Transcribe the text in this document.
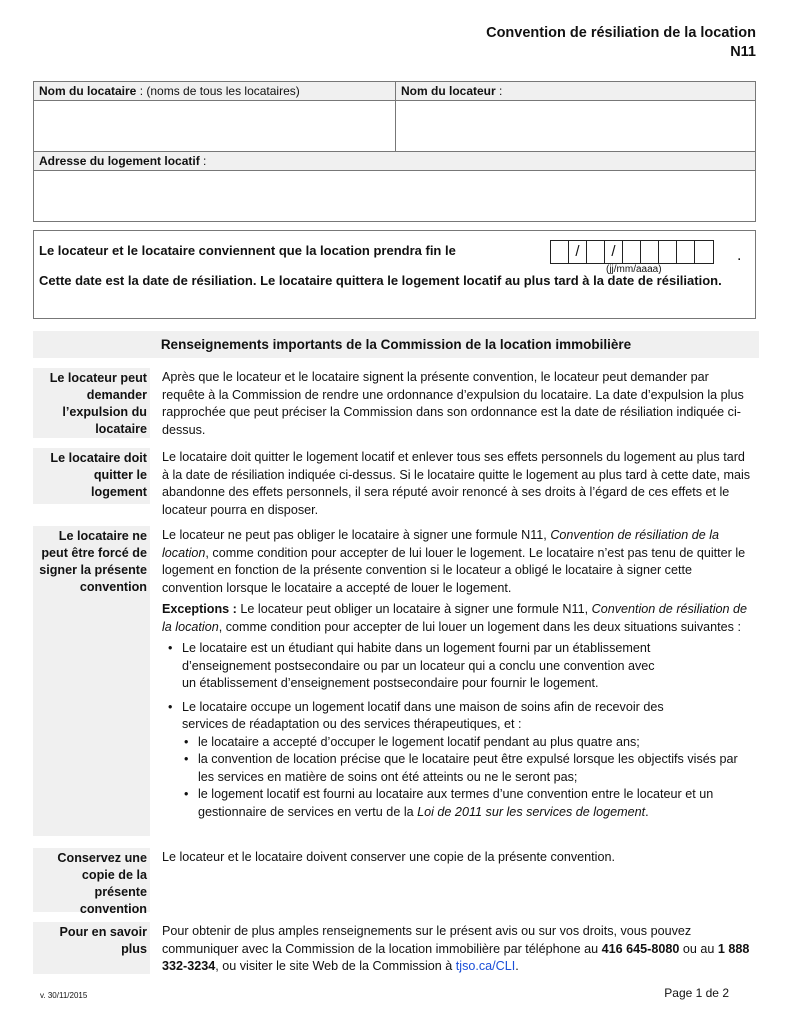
Convention de résiliation de la location
N11
Nom du locataire : (noms de tous les locataires)	Nom du locateur :

Adresse du logement locatif :	

Le locateur et le locataire conviennent que la location prendra fin le
Cette date est la date de résiliation. Le locataire quittera le logement locatif au plus tard à la date de résiliation.
/	/
(jj/mm/aaaa)
.
Renseignements importants de la Commission de la location immobilière
Le locateur peut demander l’expulsion du locataire
Après que le locateur et le locataire signent la présente convention, le locateur peut demander par requête à la Commission de rendre une ordonnance d’expulsion du locataire. La date d’expulsion la plus rapprochée que peut préciser la Commission dans son ordonnance est la date de résiliation indiquée ci-dessus.
Le locataire doit quitter le logement
Le locataire doit quitter le logement locatif et enlever tous ses effets personnels du logement au plus tard à la date de résiliation indiquée ci-dessus. Si le locataire quitte le logement au plus tard à cette date, mais abandonne des effets personnels, il sera réputé avoir renoncé à ses droits à l’égard de ces effets et le locateur pourra en disposer.
Le locataire ne peut être forcé de signer la présente convention

Le locateur ne peut pas obliger le locataire à signer une formule N11, Convention de résiliation de la location, comme condition pour accepter de lui louer le logement. Le locataire n’est pas tenu de quitter le logement en fonction de la présente convention si le locateur a obligé le locataire à signer cette convention lorsque le locataire a accepté de louer le logement.

Exceptions : Le locateur peut obliger un locataire à signer une formule N11, Convention de résiliation de la location, comme condition pour accepter de lui louer un logement dans les deux situations suivantes :

• Le locataire est un étudiant qui habite dans un logement fourni par un établissement d’enseignement postsecondaire ou par un locateur qui a conclu une convention avec un établissement d’enseignement postsecondaire pour fournir le logement.
• Le locataire occupe un logement locatif dans une maison de soins afin de recevoir des services de réadaptation ou des services thérapeutiques, et :
• le locataire a accepté d’occuper le logement locatif pendant au plus quatre ans;
• la convention de location précise que le locataire peut être expulsé lorsque les objectifs visés par les services en matière de soins ont été atteints ou ne le seront pas;
• le logement locatif est fourni au locataire aux termes d’une convention entre le locateur et un gestionnaire de services en vertu de la Loi de 2011 sur les services de logement.
Conservez une copie de la présente convention
Le locateur et le locataire doivent conserver une copie de la présente convention.
Pour en savoir plus
Pour obtenir de plus amples renseignements sur le présent avis ou sur vos droits, vous pouvez communiquer avec la Commission de la location immobilière par téléphone au 416 645-8080 ou au 1 888 332-3234, ou visiter le site Web de la Commission à tjso.ca/CLI.
v. 30/11/2015	Page 1 de 2
